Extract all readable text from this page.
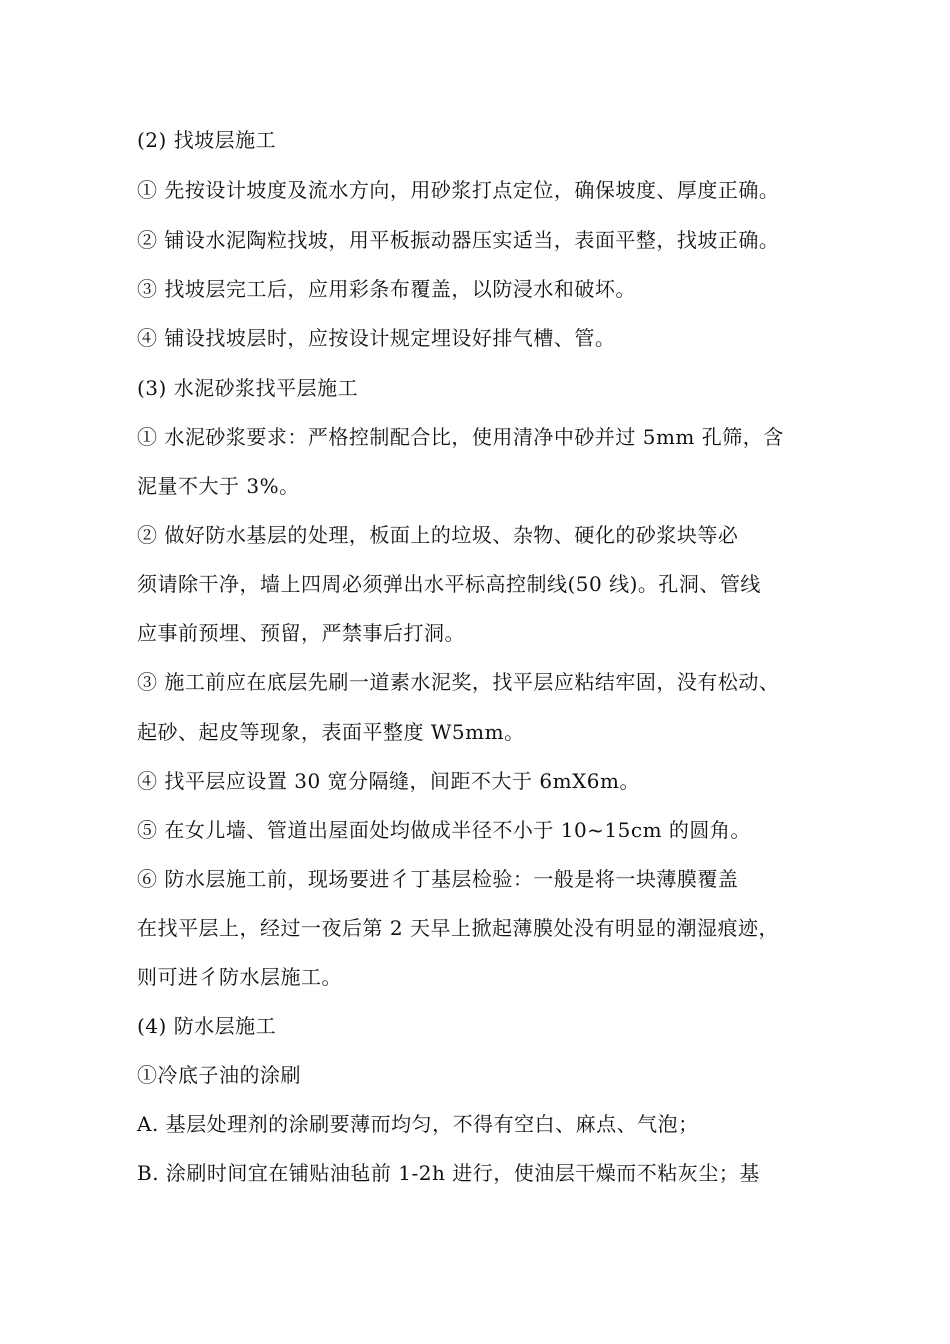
(2) 找坡层施工
① 先按设计坡度及流水方向，用砂浆打点定位，确保坡度、厚度正确。
② 铺设水泥陶粒找坡，用平板振动器压实适当，表面平整，找坡正确。
③ 找坡层完工后，应用彩条布覆盖，以防浸水和破坏。
④ 铺设找坡层时，应按设计规定埋设好排气槽、管。
(3) 水泥砂浆找平层施工
① 水泥砂浆要求：严格控制配合比，使用清净中砂并过 5mm 孔筛，含
泥量不大于 3%。
② 做好防水基层的处理，板面上的垃圾、杂物、硬化的砂浆块等必
须请除干净，墙上四周必须弹出水平标高控制线(50 线)。孔洞、管线
应事前预埋、预留，严禁事后打洞。
③ 施工前应在底层先刷一道素水泥奖，找平层应粘结牢固，没有松动、
起砂、起皮等现象，表面平整度 W5mm。
④ 找平层应设置 30 宽分隔缝，间距不大于 6mX6m。
⑤ 在女儿墙、管道出屋面处均做成半径不小于 10~15cm 的圆角。
⑥ 防水层施工前，现场要进彳丁基层检验：一般是将一块薄膜覆盖
在找平层上，经过一夜后第 2 天早上掀起薄膜处没有明显的潮湿痕迹，
则可进彳防水层施工。
(4) 防水层施工
①冷底子油的涂刷
A. 基层处理剂的涂刷要薄而均匀，不得有空白、麻点、气泡；
B. 涂刷时间宜在铺贴油毡前 1-2h 进行，使油层干燥而不粘灰尘；基
